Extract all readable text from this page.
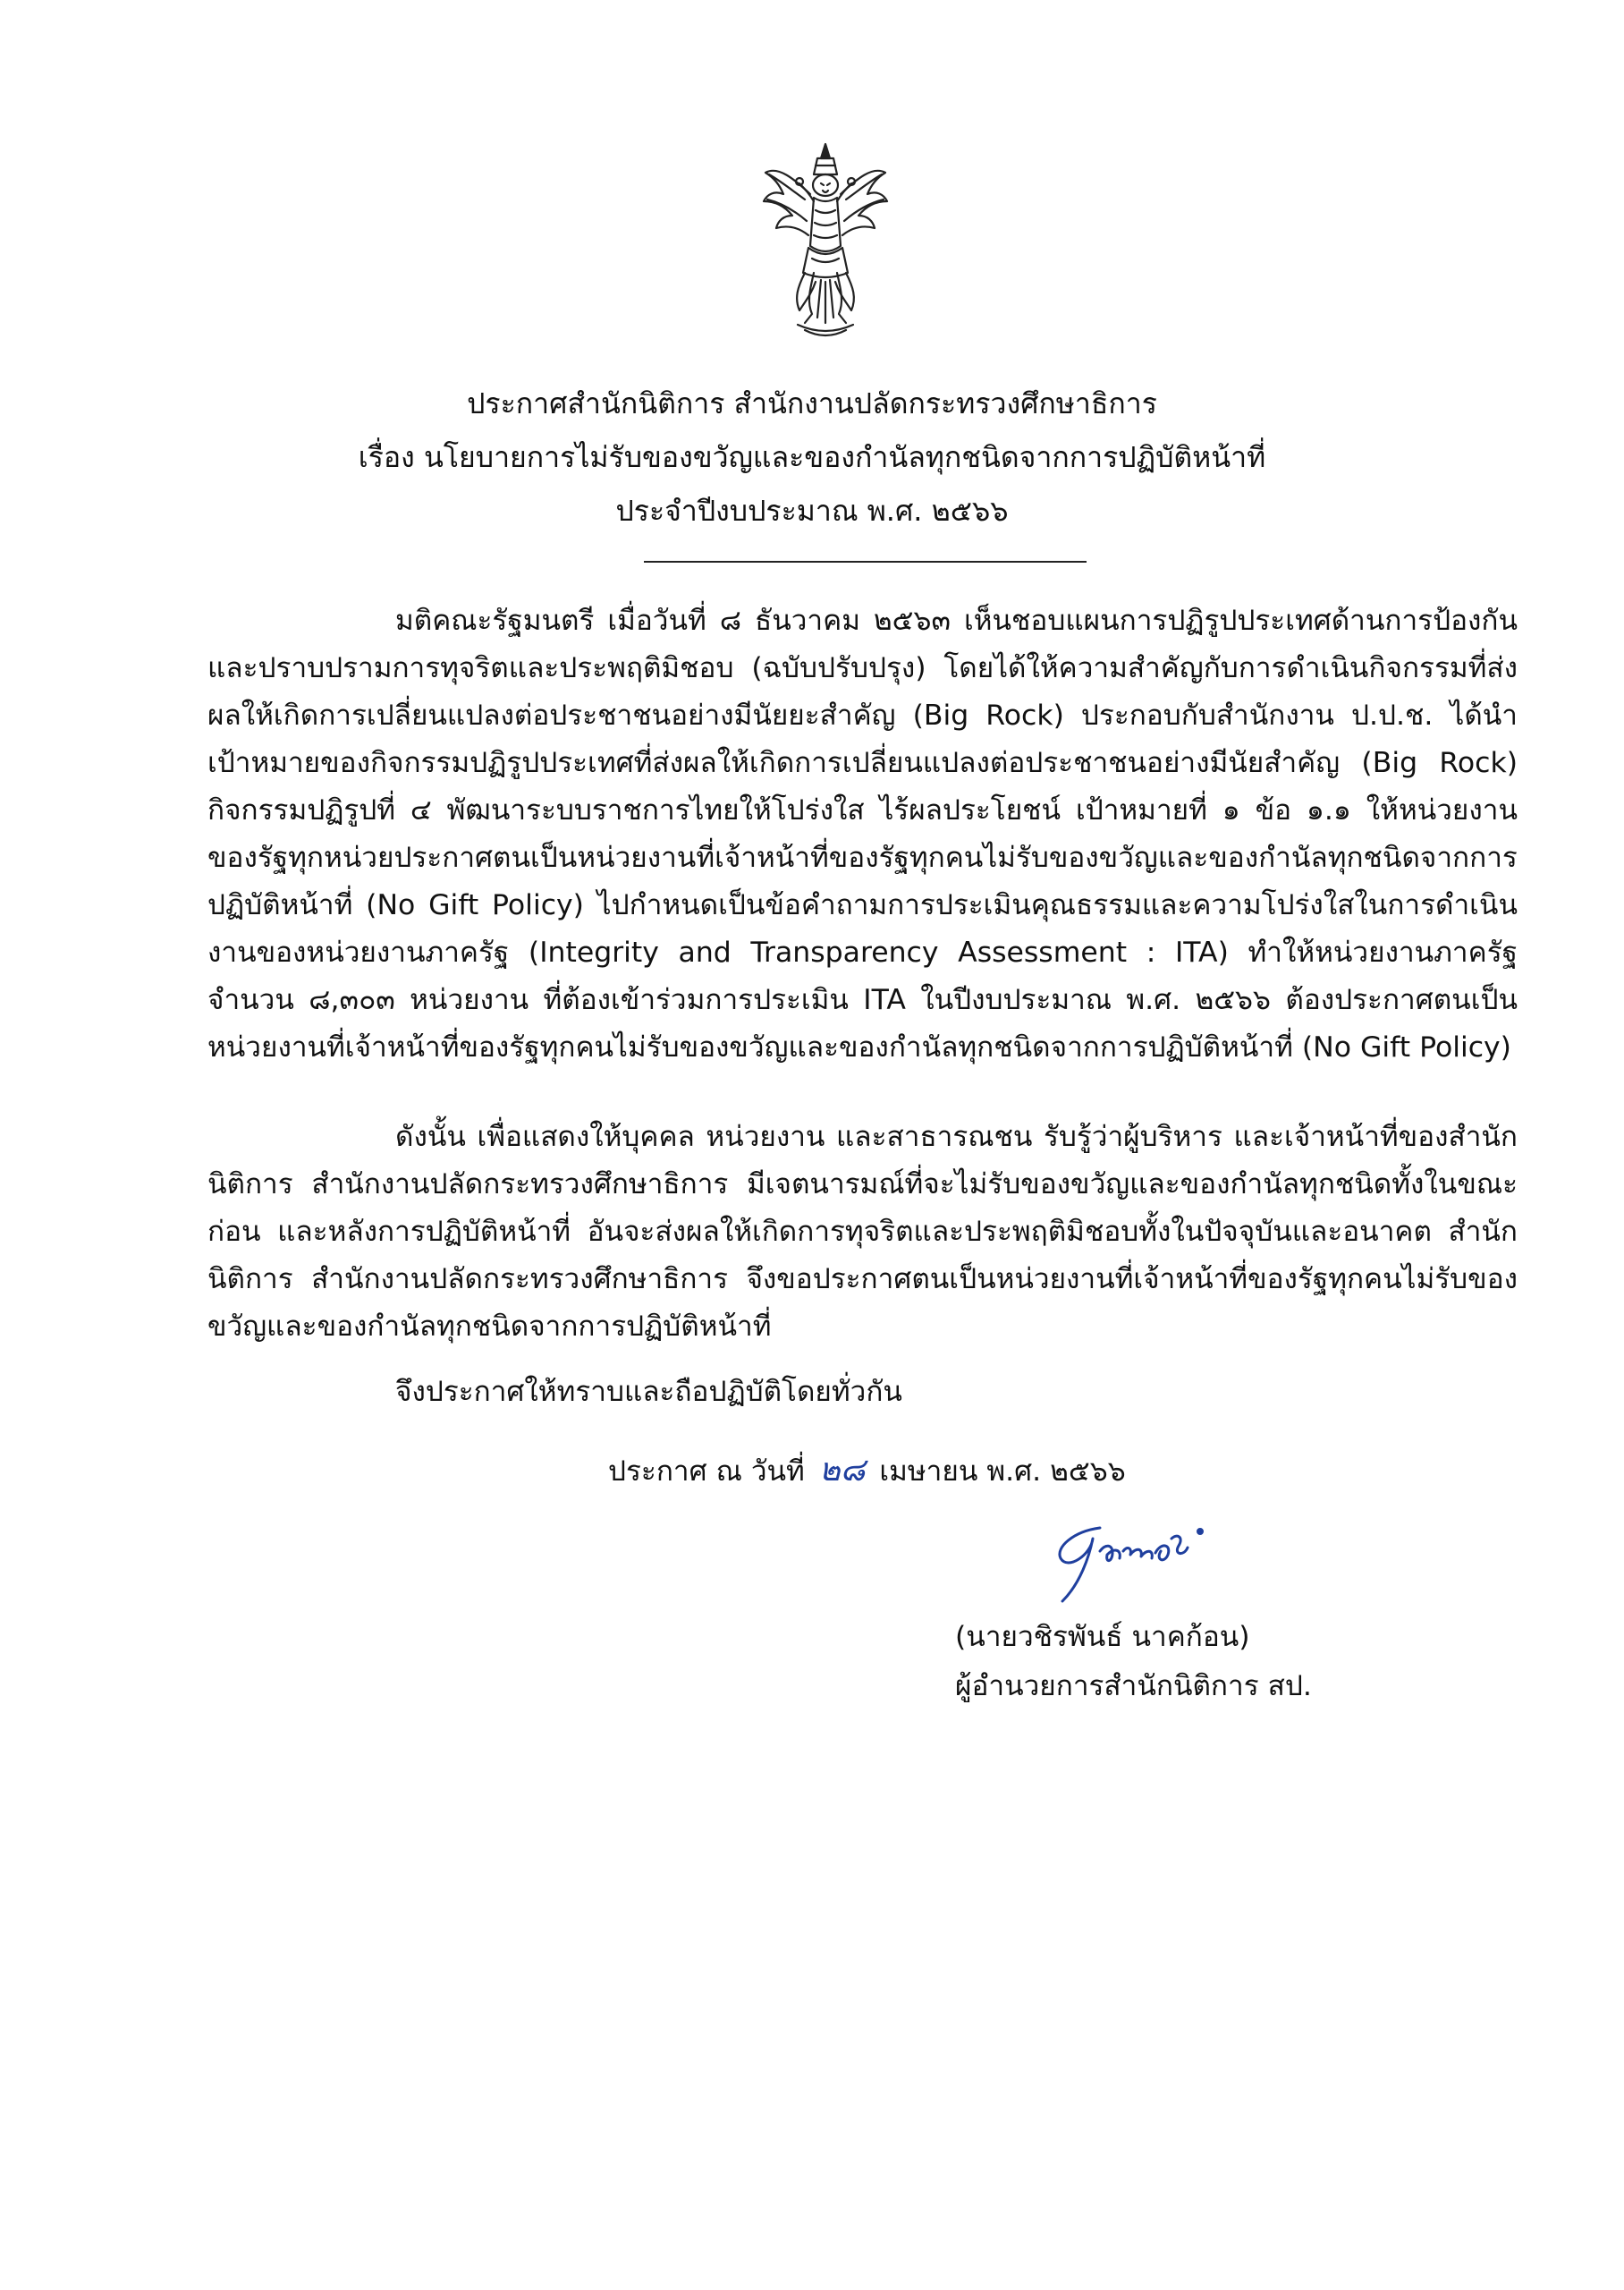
ประกาศสำนักนิติการ สำนักงานปลัดกระทรวงศึกษาธิการ
เรื่อง นโยบายการไม่รับของขวัญและของกำนัลทุกชนิดจากการปฏิบัติหน้าที่
ประจำปีงบประมาณ พ.ศ. ๒๕๖๖

มติคณะรัฐมนตรี เมื่อวันที่ ๘ ธันวาคม ๒๕๖๓ เห็นชอบแผนการปฏิรูปประเทศด้านการป้องกันและปราบปรามการทุจริตและประพฤติมิชอบ (ฉบับปรับปรุง) โดยได้ให้ความสำคัญกับการดำเนินกิจกรรมที่ส่งผลให้เกิดการเปลี่ยนแปลงต่อประชาชนอย่างมีนัยยะสำคัญ (Big Rock) ประกอบกับสำนักงาน ป.ป.ช. ได้นำเป้าหมายของกิจกรรมปฏิรูปประเทศที่ส่งผลให้เกิดการเปลี่ยนแปลงต่อประชาชนอย่างมีนัยสำคัญ (Big Rock) กิจกรรมปฏิรูปที่ ๔ พัฒนาระบบราชการไทยให้โปร่งใส ไร้ผลประโยชน์ เป้าหมายที่ ๑ ข้อ ๑.๑ ให้หน่วยงานของรัฐทุกหน่วยประกาศตนเป็นหน่วยงานที่เจ้าหน้าที่ของรัฐทุกคนไม่รับของขวัญและของกำนัลทุกชนิดจากการปฏิบัติหน้าที่ (No Gift Policy) ไปกำหนดเป็นข้อคำถามการประเมินคุณธรรมและความโปร่งใสในการดำเนินงานของหน่วยงานภาครัฐ (Integrity and Transparency Assessment : ITA) ทำให้หน่วยงานภาครัฐจำนวน ๘,๓๐๓ หน่วยงาน ที่ต้องเข้าร่วมการประเมิน ITA ในปีงบประมาณ พ.ศ. ๒๕๖๖ ต้องประกาศตนเป็นหน่วยงานที่เจ้าหน้าที่ของรัฐทุกคนไม่รับของขวัญและของกำนัลทุกชนิดจากการปฏิบัติหน้าที่ (No Gift Policy)

ดังนั้น เพื่อแสดงให้บุคคล หน่วยงาน และสาธารณชน รับรู้ว่าผู้บริหาร และเจ้าหน้าที่ของสำนักนิติการ สำนักงานปลัดกระทรวงศึกษาธิการ มีเจตนารมณ์ที่จะไม่รับของขวัญและของกำนัลทุกชนิดทั้งในขณะ ก่อน และหลังการปฏิบัติหน้าที่ อันจะส่งผลให้เกิดการทุจริตและประพฤติมิชอบทั้งในปัจจุบันและอนาคต สำนักนิติการ สำนักงานปลัดกระทรวงศึกษาธิการ จึงขอประกาศตนเป็นหน่วยงานที่เจ้าหน้าที่ของรัฐทุกคนไม่รับของขวัญและของกำนัลทุกชนิดจากการปฏิบัติหน้าที่

จึงประกาศให้ทราบและถือปฏิบัติโดยทั่วกัน
ประกาศ ณ วันที่ ๒๘ เมษายน พ.ศ. ๒๕๖๖
(นายวชิรพันธ์ นาคก้อน)
ผู้อำนวยการสำนักนิติการ สป.
